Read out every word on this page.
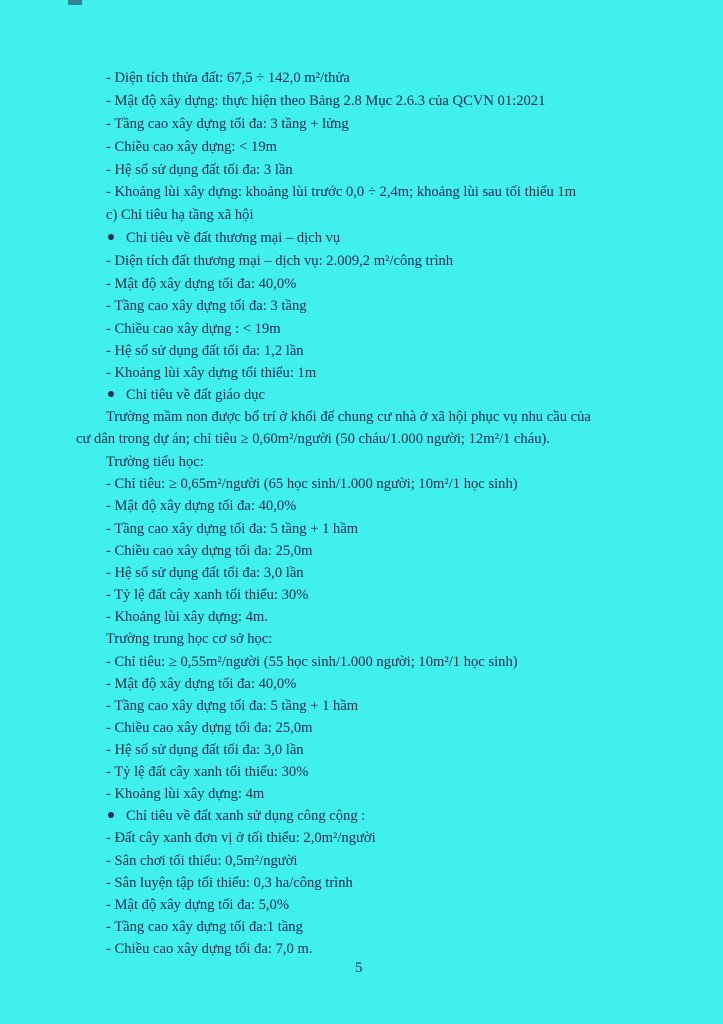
- Diện tích thửa đất: 67,5 ÷ 142,0 m²/thửa
- Mật độ xây dựng: thực hiện theo Bảng 2.8 Mục 2.6.3 của QCVN 01:2021
- Tầng cao xây dựng tối đa: 3 tầng + lửng
- Chiều cao xây dựng: < 19m
- Hệ số sử dụng đất tối đa: 3 lần
- Khoảng lùi xây dựng: khoảng lùi trước 0,0 ÷ 2,4m; khoảng lùi sau tối thiểu 1m
c) Chỉ tiêu hạ tầng xã hội
Chỉ tiêu về đất thương mại – dịch vụ
- Diện tích đất thương mại – dịch vụ: 2.009,2 m²/công trình
- Mật độ xây dựng tối đa: 40,0%
- Tầng cao xây dựng tối đa: 3 tầng
- Chiều cao xây dựng : < 19m
- Hệ số sử dụng đất tối đa: 1,2 lần
- Khoảng lùi xây dựng tối thiểu: 1m
Chỉ tiêu về đất giáo dục
Trường mầm non được bố trí ở khối đế chung cư nhà ở xã hội phục vụ nhu cầu của
cư dân trong dự án; chỉ tiêu ≥ 0,60m²/người (50 cháu/1.000 người; 12m²/1 cháu).
Trường tiểu học:
- Chỉ tiêu: ≥ 0,65m²/người (65 học sinh/1.000 người; 10m²/1 học sinh)
- Mật độ xây dựng tối đa: 40,0%
- Tầng cao xây dựng tối đa: 5 tầng + 1 hầm
- Chiều cao xây dựng tối đa: 25,0m
- Hệ số sử dụng đất tối đa: 3,0 lần
- Tỷ lệ đất cây xanh tối thiểu: 30%
- Khoảng lùi xây dựng: 4m.
Trường trung học cơ sở học:
- Chỉ tiêu: ≥ 0,55m²/người (55 học sinh/1.000 người; 10m²/1 học sinh)
- Mật độ xây dựng tối đa: 40,0%
- Tầng cao xây dựng tối đa: 5 tầng + 1 hầm
- Chiều cao xây dựng tối đa: 25,0m
- Hệ số sử dụng đất tối đa: 3,0 lần
- Tỷ lệ đất cây xanh tối thiểu: 30%
- Khoảng lùi xây dựng: 4m
Chỉ tiêu về đất xanh sử dụng công cộng :
- Đất cây xanh đơn vị ở tối thiểu: 2,0m²/người
- Sân chơi tối thiểu: 0,5m²/người
- Sân luyện tập tối thiểu: 0,3 ha/công trình
- Mật độ xây dựng tối đa: 5,0%
- Tầng cao xây dựng tối đa:1 tầng
- Chiều cao xây dựng tối đa: 7,0 m.
5
